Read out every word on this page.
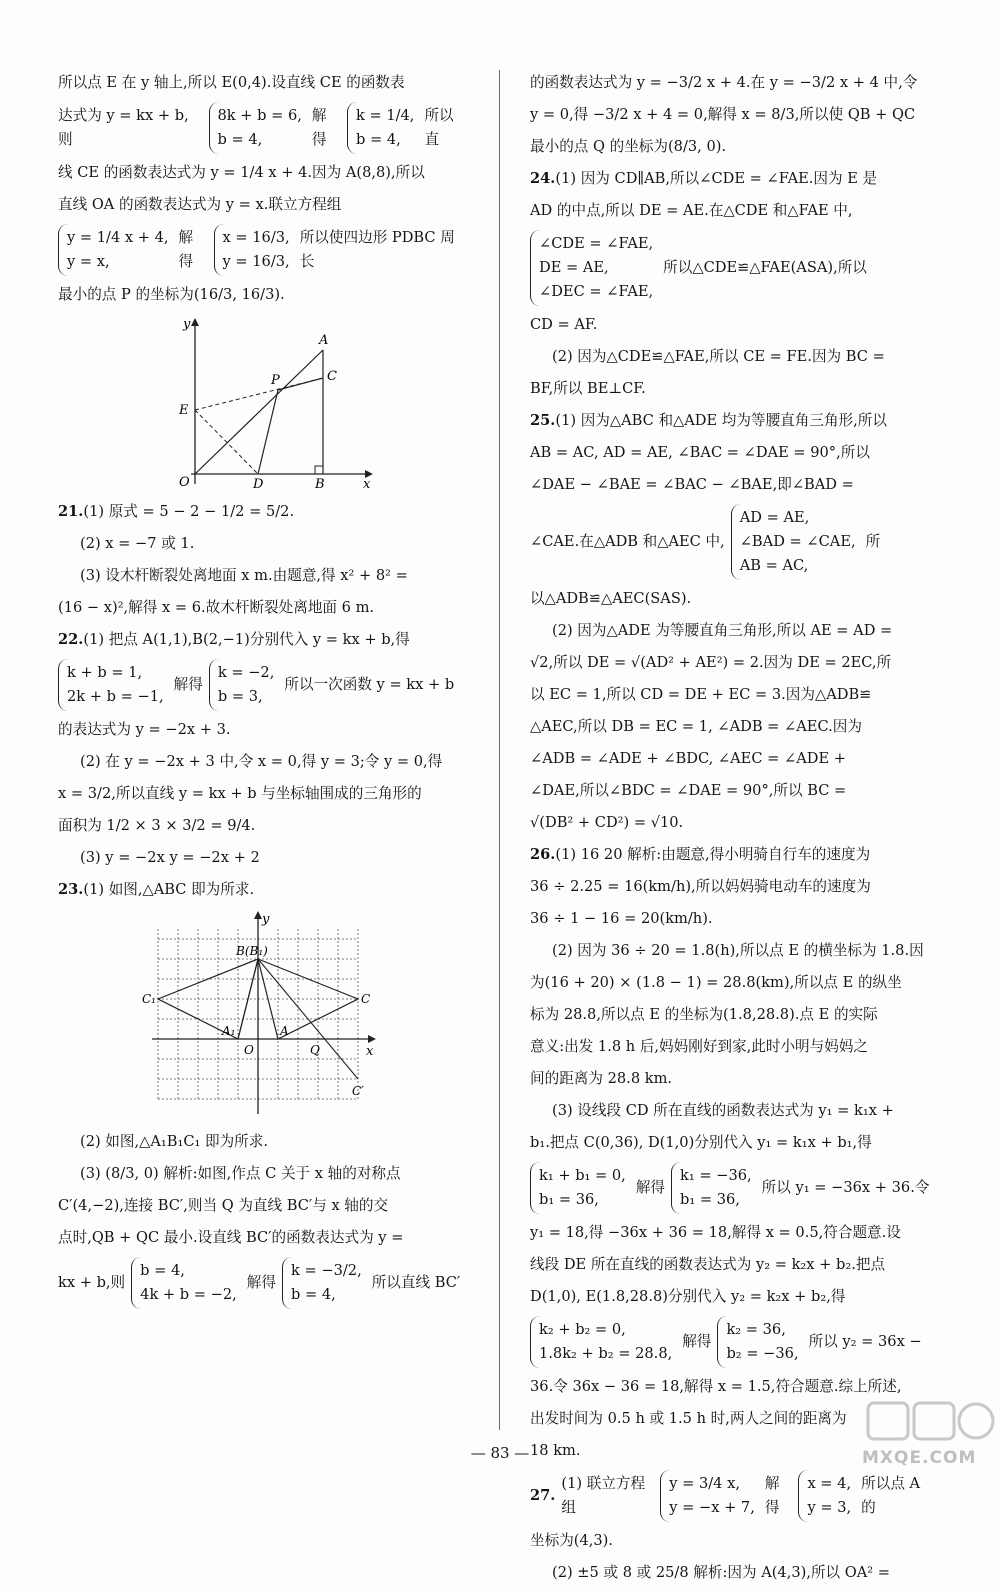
所以点 E 在 y 轴上,所以 E(0,4).设直线 CE 的函数表

达式为 y = kx + b,则
8k + b = 6,
b = 4,
解得
k = 1/4,
b = 4,
所以直

线 CE 的函数表达式为 y = 1/4 x + 4.因为 A(8,8),所以

直线 OA 的函数表达式为 y = x.联立方程组

y = 1/4 x + 4,
y = x,
解得
x = 16/3,
y = 16/3,
所以使四边形 PDBC 周长

最小的点 P 的坐标为(16/3, 16/3).

y
x
O	D	B
E
P
A
C

21.(1) 原式 = 5 − 2 − 1/2 = 5/2.

(2) x = −7 或 1.

(3) 设木杆断裂处离地面 x m.由题意,得 x² + 8² =

(16 − x)²,解得 x = 6.故木杆断裂处离地面 6 m.

22.(1) 把点 A(1,1),B(2,−1)分别代入 y = kx + b,得

k + b = 1,
2k + b = −1,
解得
k = −2,
b = 3,
所以一次函数 y = kx + b

的表达式为 y = −2x + 3.

(2) 在 y = −2x + 3 中,令 x = 0,得 y = 3;令 y = 0,得

x = 3/2,所以直线 y = kx + b 与坐标轴围成的三角形的

面积为 1/2 × 3 × 3/2 = 9/4.

(3) y = −2x y = −2x + 2

23.(1) 如图,△ABC 即为所求.

y
x
O
B(B₁)
C₁	C
A
A₁
Q
C′

(2) 如图,△A₁B₁C₁ 即为所求.

(3) (8/3, 0) 解析:如图,作点 C 关于 x 轴的对称点

C′(4,−2),连接 BC′,则当 Q 为直线 BC′与 x 轴的交

点时,QB + QC 最小.设直线 BC′的函数表达式为 y =

kx + b,则
b = 4,
4k + b = −2,
解得
k = −3/2,
b = 4,
所以直线 BC′

的函数表达式为 y = −3/2 x + 4.在 y = −3/2 x + 4 中,令

y = 0,得 −3/2 x + 4 = 0,解得 x = 8/3,所以使 QB + QC

最小的点 Q 的坐标为(8/3, 0).

24.(1) 因为 CD∥AB,所以∠CDE = ∠FAE.因为 E 是

AD 的中点,所以 DE = AE.在△CDE 和△FAE 中,

∠CDE = ∠FAE,
DE = AE,
∠DEC = ∠FAE,
所以△CDE≌△FAE(ASA),所以

CD = AF.

(2) 因为△CDE≌△FAE,所以 CE = FE.因为 BC =

BF,所以 BE⊥CF.

25.(1) 因为△ABC 和△ADE 均为等腰直角三角形,所以

AB = AC, AD = AE, ∠BAC = ∠DAE = 90°,所以

∠DAE − ∠BAE = ∠BAC − ∠BAE,即∠BAD =

∠CAE.在△ADB 和△AEC 中,
AD = AE,
∠BAD = ∠CAE,
AB = AC,
所

以△ADB≌△AEC(SAS).

(2) 因为△ADE 为等腰直角三角形,所以 AE = AD =

√2,所以 DE = √(AD² + AE²) = 2.因为 DE = 2EC,所

以 EC = 1,所以 CD = DE + EC = 3.因为△ADB≌

△AEC,所以 DB = EC = 1, ∠ADB = ∠AEC.因为

∠ADB = ∠ADE + ∠BDC, ∠AEC = ∠ADE +

∠DAE,所以∠BDC = ∠DAE = 90°,所以 BC =

√(DB² + CD²) = √10.

26.(1) 16 20 解析:由题意,得小明骑自行车的速度为

36 ÷ 2.25 = 16(km/h),所以妈妈骑电动车的速度为

36 ÷ 1 − 16 = 20(km/h).

(2) 因为 36 ÷ 20 = 1.8(h),所以点 E 的横坐标为 1.8.因

为(16 + 20) × (1.8 − 1) = 28.8(km),所以点 E 的纵坐

标为 28.8,所以点 E 的坐标为(1.8,28.8).点 E 的实际

意义:出发 1.8 h 后,妈妈刚好到家,此时小明与妈妈之

间的距离为 28.8 km.

(3) 设线段 CD 所在直线的函数表达式为 y₁ = k₁x +

b₁.把点 C(0,36), D(1,0)分别代入 y₁ = k₁x + b₁,得

k₁ + b₁ = 0,
b₁ = 36,
解得
k₁ = −36,
b₁ = 36,
所以 y₁ = −36x + 36.令

y₁ = 18,得 −36x + 36 = 18,解得 x = 0.5,符合题意.设

线段 DE 所在直线的函数表达式为 y₂ = k₂x + b₂.把点

D(1,0), E(1.8,28.8)分别代入 y₂ = k₂x + b₂,得

k₂ + b₂ = 0,
1.8k₂ + b₂ = 28.8,
解得
k₂ = 36,
b₂ = −36,
所以 y₂ = 36x −

36.令 36x − 36 = 18,解得 x = 1.5,符合题意.综上所述,

出发时间为 0.5 h 或 1.5 h 时,两人之间的距离为

18 km.

27.
(1) 联立方程组
y = 3/4 x,
y = −x + 7,
解得
x = 4,
y = 3,
所以点 A 的

坐标为(4,3).

(2) ±5 或 8 或 25/8 解析:因为 A(4,3),所以 OA² =

— 83 —	MXQE.COM
